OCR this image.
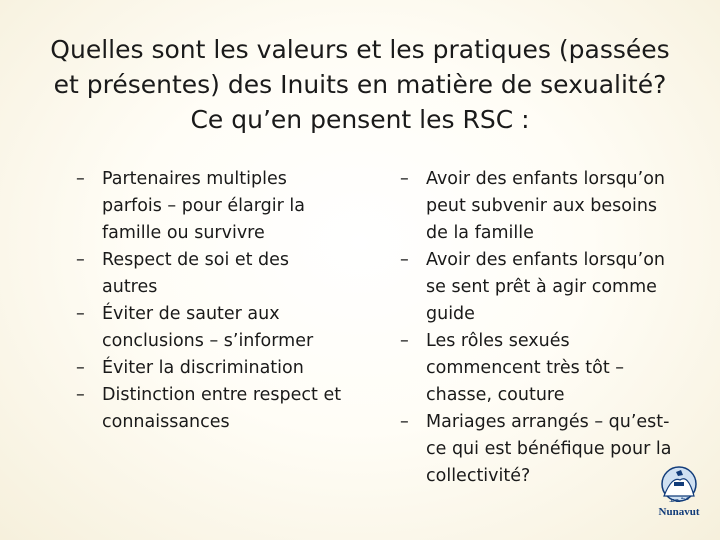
Quelles sont les valeurs et les pratiques (passées
et présentes) des Inuits en matière de sexualité?
Ce qu’en pensent les RSC :
– Partenaires multiples
parfois – pour élargir la
famille ou survivre
– Respect de soi et des
autres
– Éviter de sauter aux
conclusions – s’informer
– Éviter la discrimination
– Distinction entre respect et
connaissances
– Avoir des enfants lorsqu’on
peut subvenir aux besoins
de la famille
– Avoir des enfants lorsqu’on
se sent prêt à agir comme
guide
– Les rôles sexués
commencent très tôt –
chasse, couture
– Mariages arrangés – qu’est-
ce qui est bénéfique pour la
collectivité?
ᓄᓇᕗᑦ
Nunavut
